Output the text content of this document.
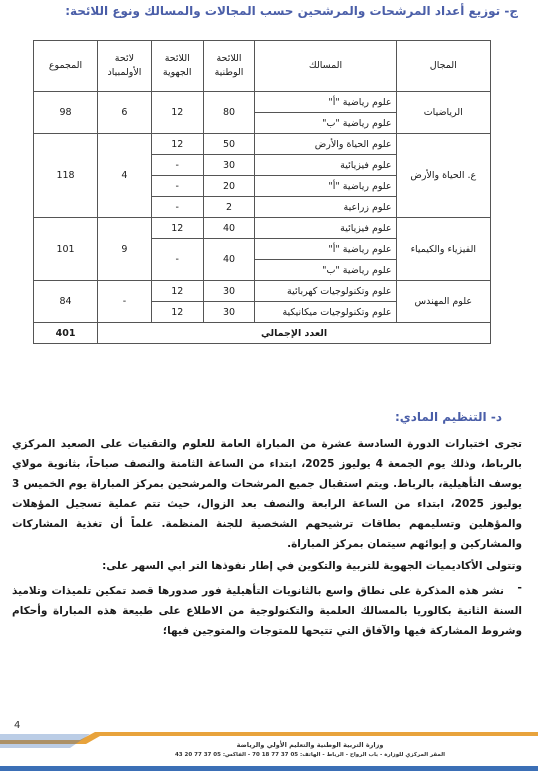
ج- توزيع أعداد المرشحات والمرشحين حسب المجالات والمسالك ونوع اللائحة:
المجال	المسالك	اللائحة الوطنية	اللائحة الجهوية	لائحة الأولمبياد	المجموع
الرياضيات	علوم رياضية "أ"	80	12	6	98
	علوم رياضية "ب"				
ع. الحياة والأرض	علوم الحياة والأرض	50	12	4	118
	علوم فيزيائية	30	-		
	علوم رياضية "أ"	20	-		
	علوم زراعية	2	-		
الفيزياء والكيمياء	علوم فيزيائية	40	12	9	101
	علوم رياضية "أ"	40	-		
	علوم رياضية "ب"				
علوم المهندس	علوم وتكنولوجيات كهربائية	30	12	-	84
	علوم وتكنولوجيات ميكانيكية	30	12		
العدد الإجمالي					401
د- التنظيم المادي:
تجرى اختبارات الدورة السادسة عشرة من المباراة العامة للعلوم والتقنيات على الصعيد المركزي بالرباط، وذلك يوم الجمعة 4 يوليوز 2025، ابتداء من الساعة الثامنة والنصف صباحاً، بثانوية مولاي يوسف التأهيلية، بالرباط. ويتم استقبال جميع المرشحات والمرشحين بمركز المباراة يوم الخميس 3 يوليوز 2025، ابتداء من الساعة الرابعة والنصف بعد الزوال، حيث تتم عملية تسجيل المؤهلات والمؤهلين وتسليمهم بطاقات ترشيحهم الشخصية للجنة المنظمة. علماً أن تغذية المشاركات والمشاركين و إيوائهم سيتمان بمركز المباراة.
وتتولى الأكاديميات الجهوية للتربية والتكوين في إطار نفوذها التر ابي السهر على:
-
نشر هذه المذكرة على نطاق واسع بالثانويات التأهيلية فور صدورها قصد تمكين تلميذات وتلاميذ السنة الثانية بكالوريا بالمسالك العلمية والتكنولوجية من الاطلاع على طبيعة هذه المباراة وأحكام وشروط المشاركة فيها والآفاق التي تتيحها للمتوجات والمتوجين فيها؛
4
وزارة التربية الوطنية والتعليم الأولي والرياضة
المقر المركزي للوزارة - باب الرواح - الرباط - الهاتف: 05 37 77 18 70 - الفاكس: 05 37 77 20 43
